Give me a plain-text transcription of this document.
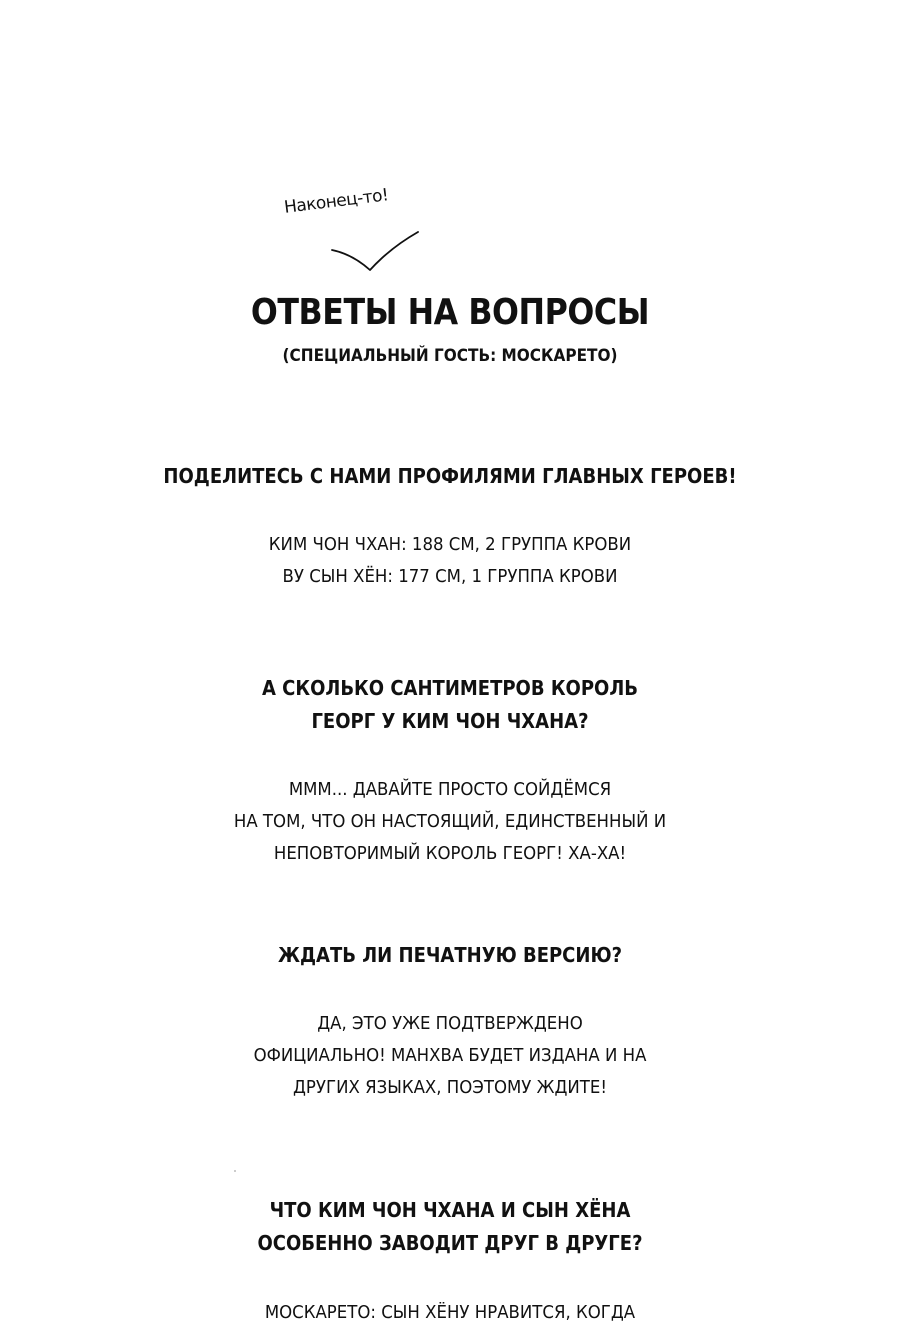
Наконец-то!
ОТВЕТЫ НА ВОПРОСЫ
(СПЕЦИАЛЬНЫЙ ГОСТЬ: МОСКАРЕТО)
ПОДЕЛИТЕСЬ С НАМИ ПРОФИЛЯМИ ГЛАВНЫХ ГЕРОЕВ!
КИМ ЧОН ЧХАН: 188 СМ, 2 ГРУППА КРОВИ
ВУ СЫН ХЁН: 177 СМ, 1 ГРУППА КРОВИ
А СКОЛЬКО САНТИМЕТРОВ КОРОЛЬ
ГЕОРГ У КИМ ЧОН ЧХАНА?
МММ... ДАВАЙТЕ ПРОСТО СОЙДЁМСЯ
НА ТОМ, ЧТО ОН НАСТОЯЩИЙ, ЕДИНСТВЕННЫЙ И
НЕПОВТОРИМЫЙ КОРОЛЬ ГЕОРГ! ХА-ХА!
ЖДАТЬ ЛИ ПЕЧАТНУЮ ВЕРСИЮ?
ДА, ЭТО УЖЕ ПОДТВЕРЖДЕНО
ОФИЦИАЛЬНО! МАНХВА БУДЕТ ИЗДАНА И НА
ДРУГИХ ЯЗЫКАХ, ПОЭТОМУ ЖДИТЕ!
ЧТО КИМ ЧОН ЧХАНА И СЫН ХЁНА
ОСОБЕННО ЗАВОДИТ ДРУГ В ДРУГЕ?
МОСКАРЕТО: СЫН ХЁНУ НРАВИТСЯ, КОГДА
